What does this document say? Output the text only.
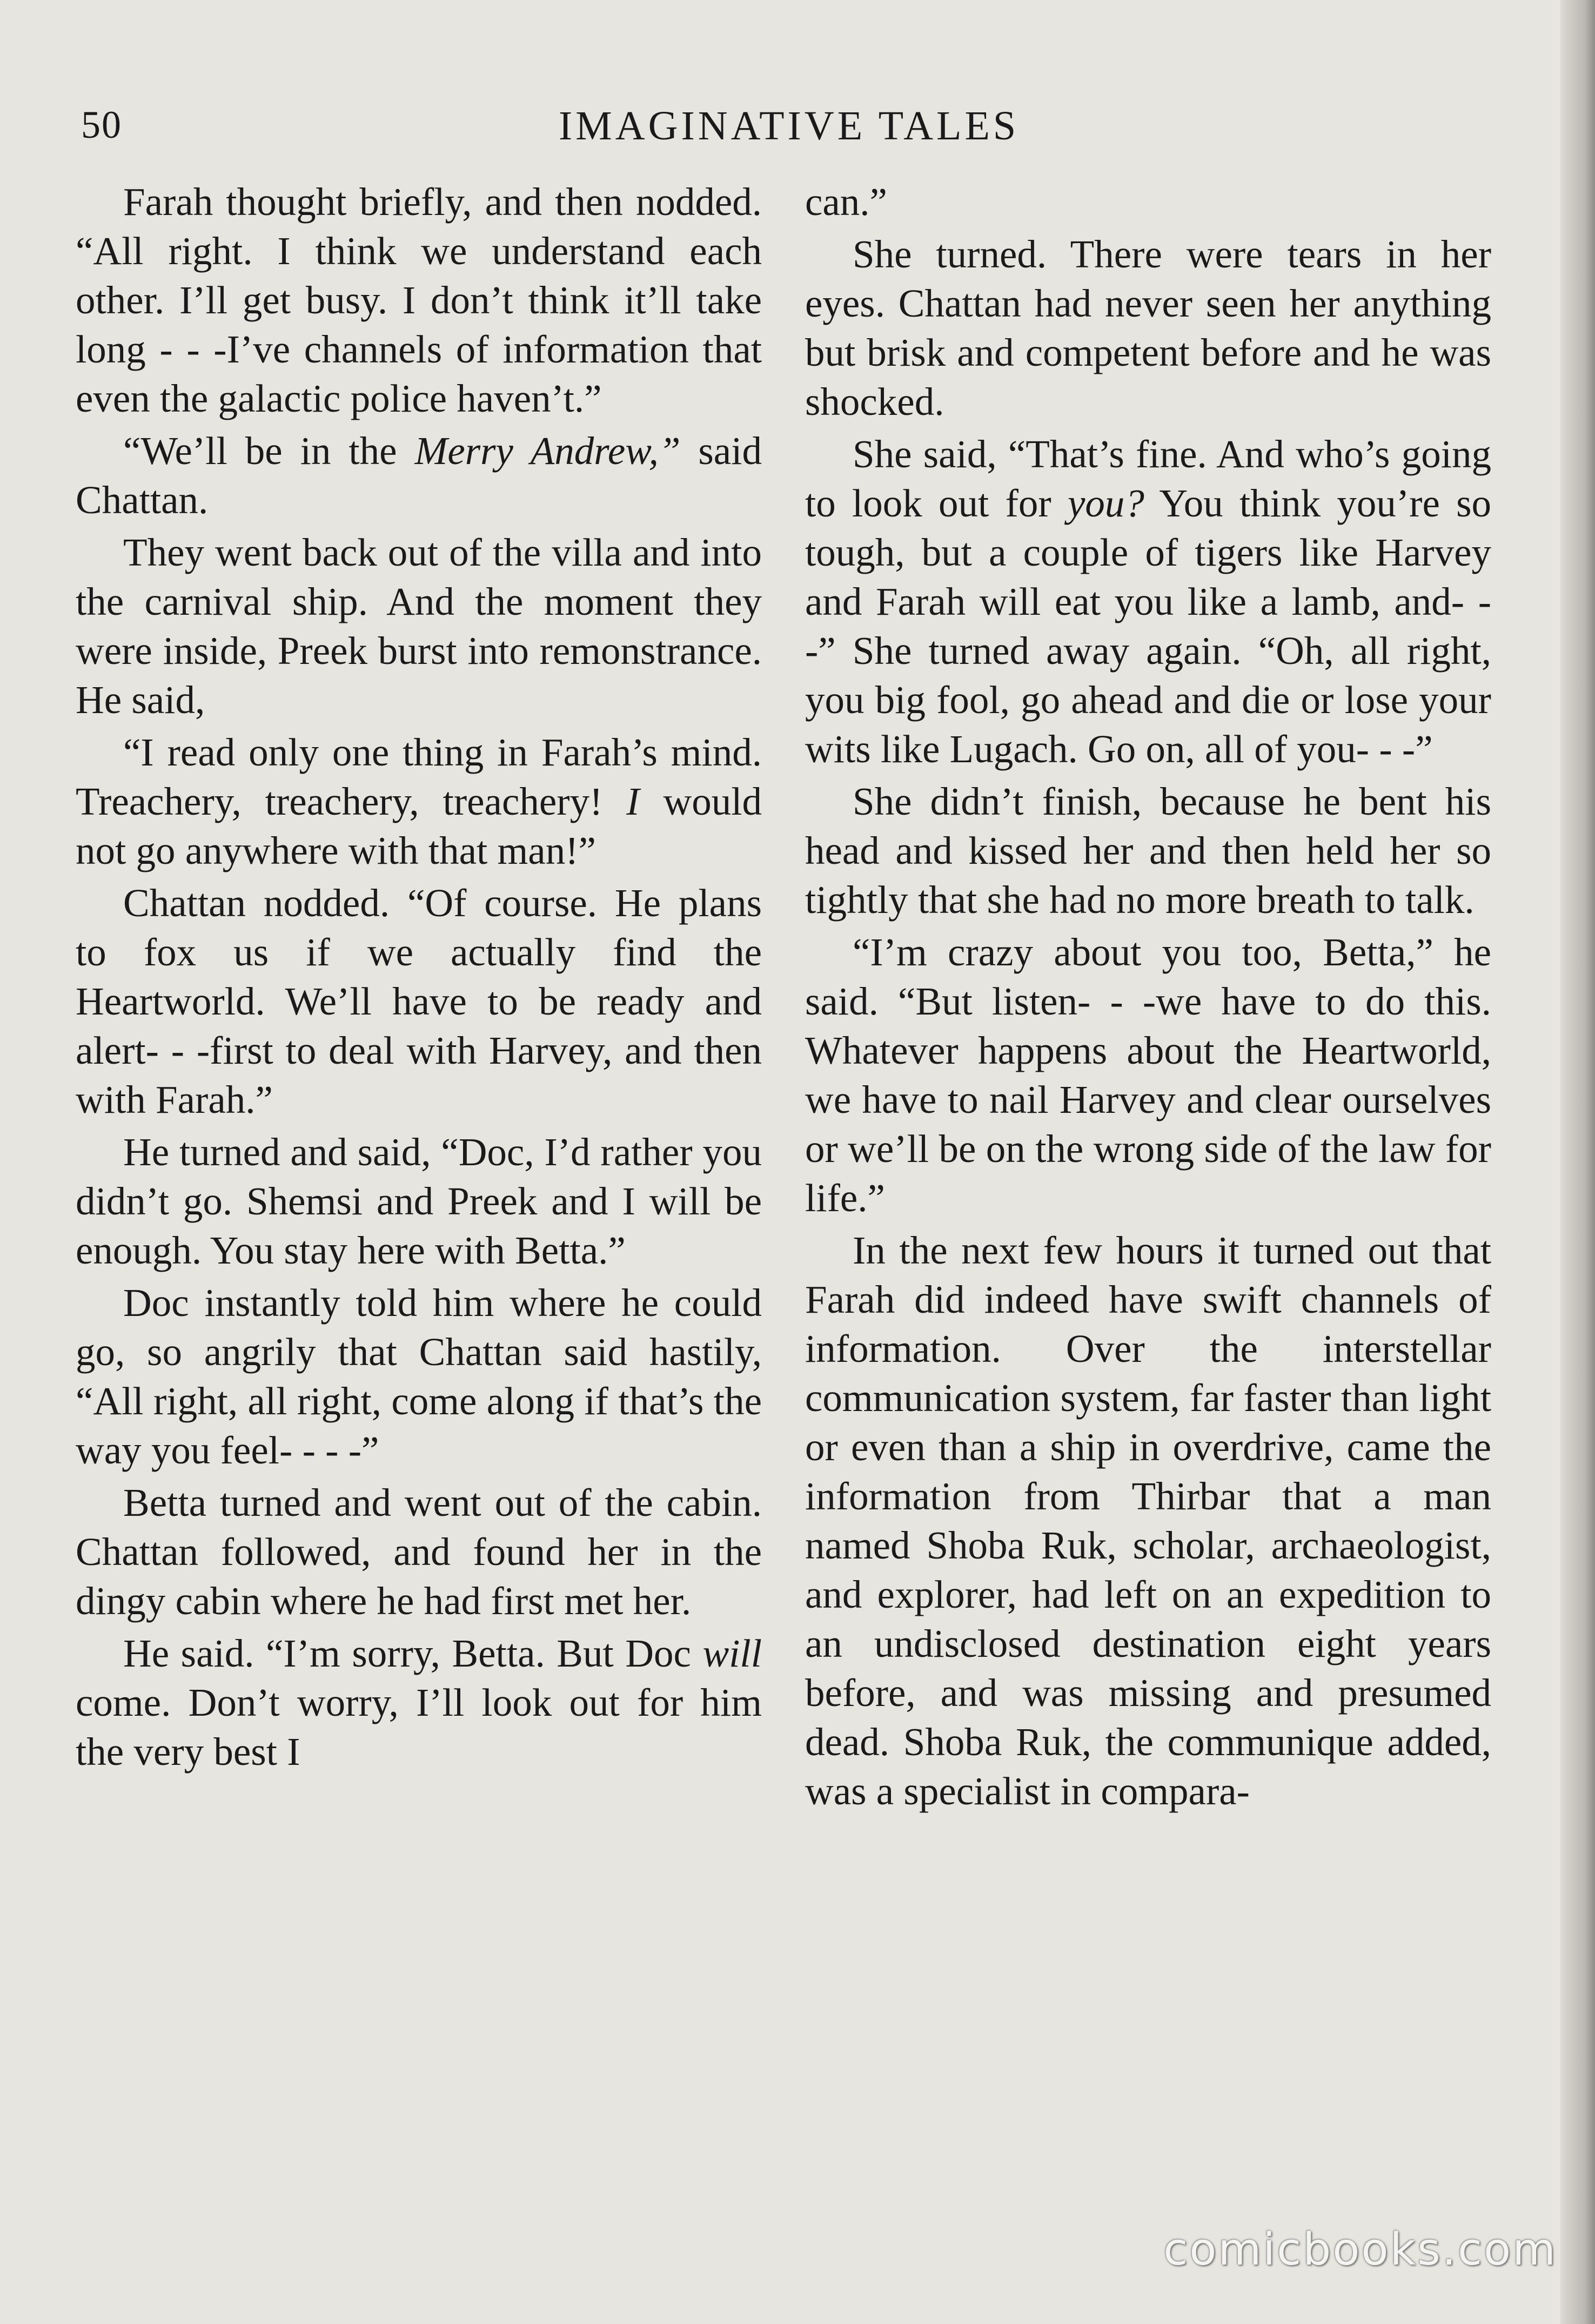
50	IMAGINATIVE TALES

Farah thought briefly, and then nodded. “All right. I think we understand each other. I’ll get busy. I don’t think it’ll take long - - -I’ve channels of information that even the galactic police haven’t.”

“We’ll be in the Merry Andrew,” said Chattan.

They went back out of the villa and into the carnival ship. And the moment they were inside, Preek burst into remonstrance. He said,

“I read only one thing in Farah’s mind. Treachery, treachery, treachery! I would not go anywhere with that man!”

Chattan nodded. “Of course. He plans to fox us if we actually find the Heartworld. We’ll have to be ready and alert- - -first to deal with Harvey, and then with Farah.”

He turned and said, “Doc, I’d rather you didn’t go. Shemsi and Preek and I will be enough. You stay here with Betta.”

Doc instantly told him where he could go, so angrily that Chattan said hastily, “All right, all right, come along if that’s the way you feel- - - -”

Betta turned and went out of the cabin. Chattan followed, and found her in the dingy cabin where he had first met her.

He said. “I’m sorry, Betta. But Doc will come. Don’t worry, I’ll look out for him the very best I

can.”

She turned. There were tears in her eyes. Chattan had never seen her anything but brisk and competent before and he was shocked.

She said, “That’s fine. And who’s going to look out for you? You think you’re so tough, but a couple of tigers like Harvey and Farah will eat you like a lamb, and- - -” She turned away again. “Oh, all right, you big fool, go ahead and die or lose your wits like Lugach. Go on, all of you- - -”

She didn’t finish, because he bent his head and kissed her and then held her so tightly that she had no more breath to talk.

“I’m crazy about you too, Betta,” he said. “But listen- - -we have to do this. Whatever happens about the Heartworld, we have to nail Harvey and clear ourselves or we’ll be on the wrong side of the law for life.”

In the next few hours it turned out that Farah did indeed have swift channels of information. Over the interstellar communication system, far faster than light or even than a ship in overdrive, came the information from Thirbar that a man named Shoba Ruk, scholar, archaeologist, and explorer, had left on an expedition to an undisclosed destination eight years before, and was missing and presumed dead. Shoba Ruk, the communique added, was a specialist in compara-

comicbooks.com
